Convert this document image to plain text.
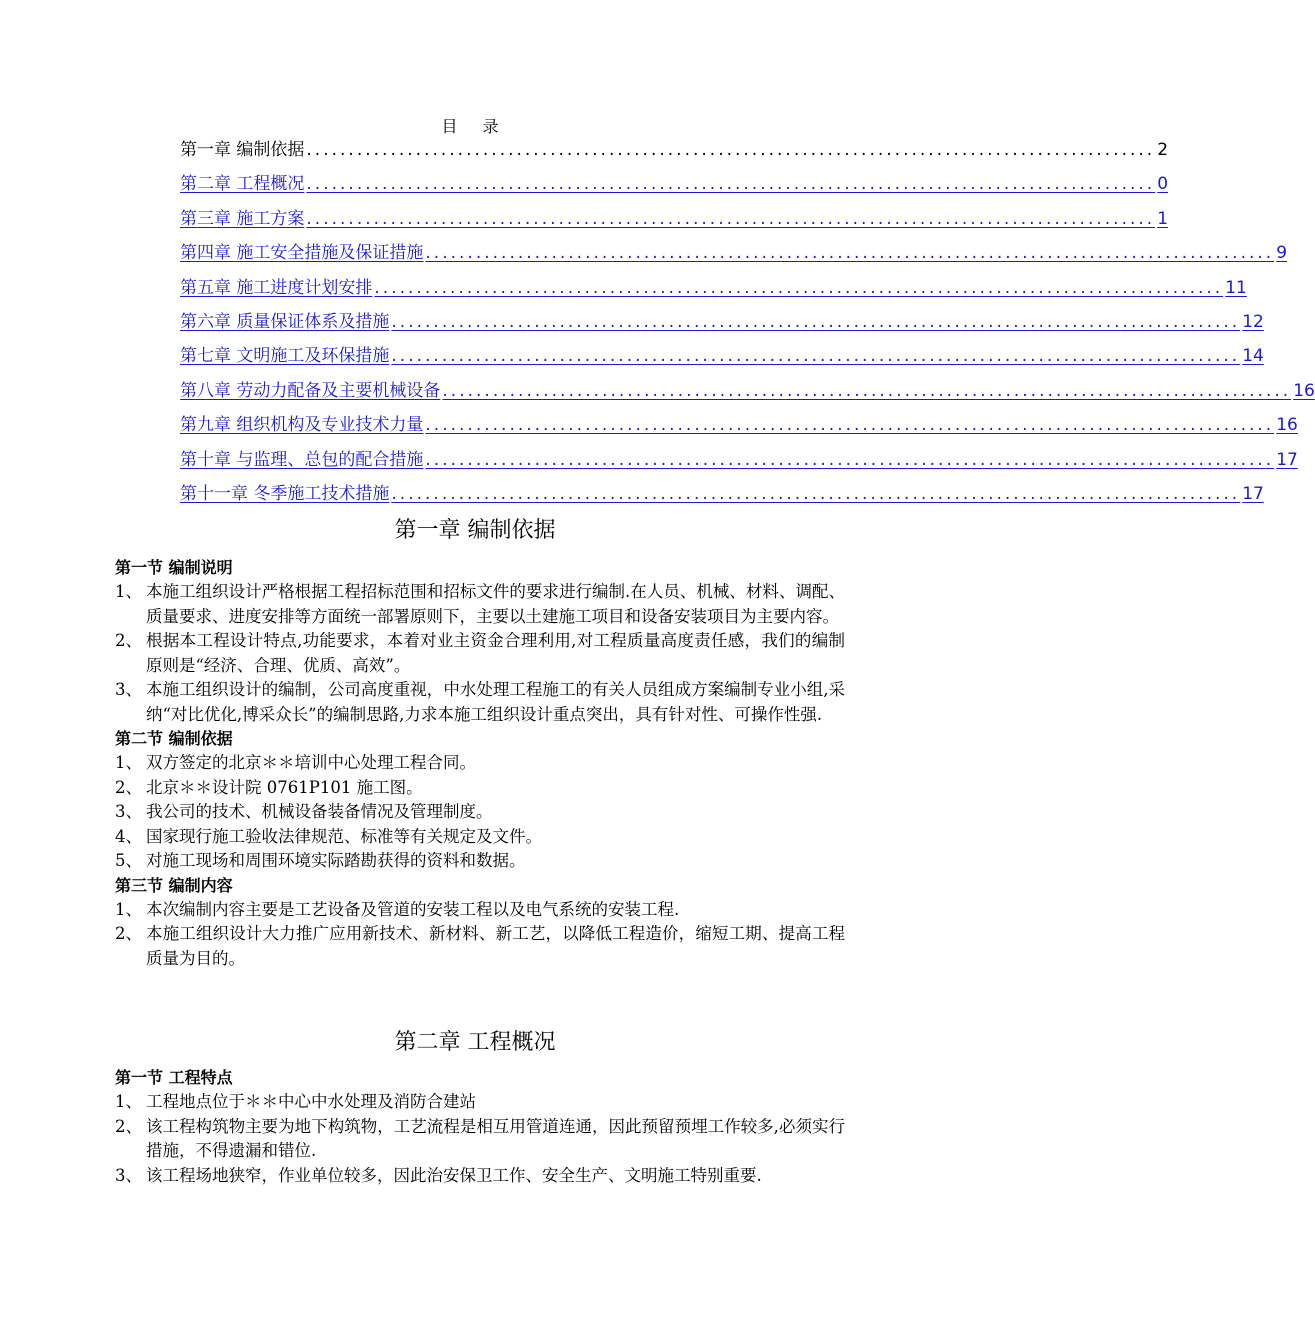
目 录
第一章 编制依据 ..................................................................................................... 2
第二章 工程概况 ..................................................................................................... 0
第三章 施工方案 ..................................................................................................... 1
第四章 施工安全措施及保证措施 ..................................................................................................... 9
第五章 施工进度计划安排 ..................................................................................................... 11
第六章 质量保证体系及措施 ..................................................................................................... 12
第七章 文明施工及环保措施 ..................................................................................................... 14
第八章 劳动力配备及主要机械设备 ..................................................................................................... 16
第九章 组织机构及专业技术力量 ..................................................................................................... 16
第十章 与监理、总包的配合措施 ..................................................................................................... 17
第十一章 冬季施工技术措施 ..................................................................................................... 17
第一章 编制依据

第一节 编制说明

1、 本施工组织设计严格根据工程招标范围和招标文件的要求进行编制.在人员、机械、材料、调配、质量要求、进度安排等方面统一部署原则下，主要以土建施工项目和设备安装项目为主要内容。
2、 根据本工程设计特点,功能要求，本着对业主资金合理利用,对工程质量高度责任感，我们的编制原则是“经济、合理、优质、高效”。
3、 本施工组织设计的编制，公司高度重视，中水处理工程施工的有关人员组成方案编制专业小组,采纳“对比优化,博采众长”的编制思路,力求本施工组织设计重点突出，具有针对性、可操作性强.

第二节 编制依据

1、 双方签定的北京＊＊培训中心处理工程合同。
2、 北京＊＊设计院 0761P101 施工图。
3、 我公司的技术、机械设备装备情况及管理制度。
4、 国家现行施工验收法律规范、标准等有关规定及文件。
5、 对施工现场和周围环境实际踏勘获得的资料和数据。

第三节 编制内容

1、 本次编制内容主要是工艺设备及管道的安装工程以及电气系统的安装工程.
2、 本施工组织设计大力推广应用新技术、新材料、新工艺，以降低工程造价，缩短工期、提高工程质量为目的。
第二章 工程概况

第一节 工程特点

1、 工程地点位于＊＊中心中水处理及消防合建站
2、 该工程构筑物主要为地下构筑物，工艺流程是相互用管道连通，因此预留预埋工作较多,必须实行措施，不得遗漏和错位.
3、 该工程场地狭窄，作业单位较多，因此治安保卫工作、安全生产、文明施工特别重要.
